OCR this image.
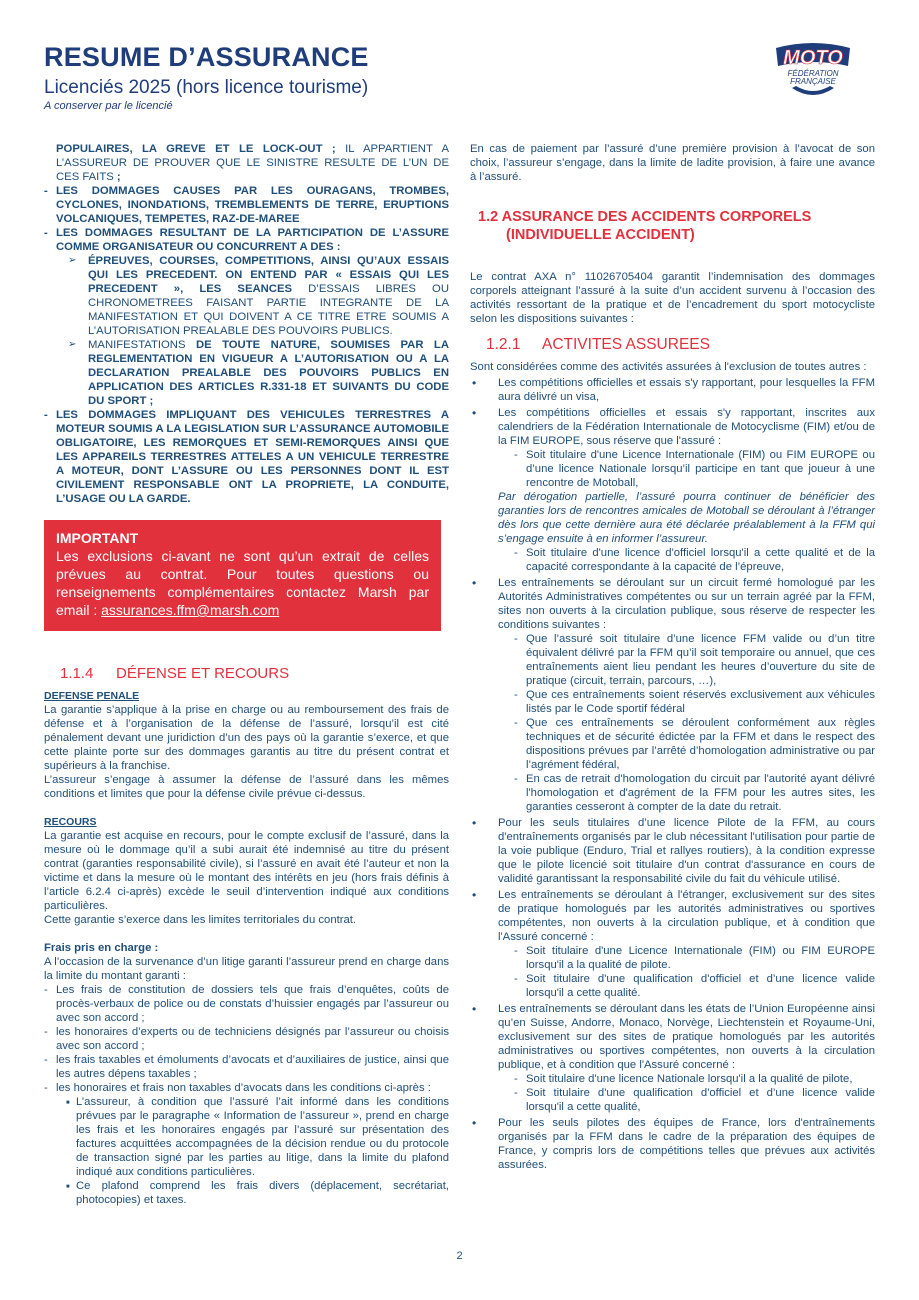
RESUME D’ASSURANCE
Licenciés 2025 (hors licence tourisme)
A conserver par le licencié
MOTO
FÉDÉRATION
FRANÇAISE
POPULAIRES, LA GREVE ET LE LOCK-OUT ; IL APPARTIENT A L’ASSUREUR DE PROUVER QUE LE SINISTRE RESULTE DE L’UN DE CES FAITS ;
- LES DOMMAGES CAUSES PAR LES OURAGANS, TROMBES, CYCLONES, INONDATIONS, TREMBLEMENTS DE TERRE, ERUPTIONS VOLCANIQUES, TEMPETES, RAZ-DE-MAREE
- LES DOMMAGES RESULTANT DE LA PARTICIPATION DE L’ASSURE COMME ORGANISATEUR OU CONCURRENT A DES :
➢ ÉPREUVES, COURSES, COMPETITIONS, AINSI QU’AUX ESSAIS QUI LES PRECEDENT. ON ENTEND PAR « ESSAIS QUI LES PRECEDENT », LES SEANCES D’ESSAIS LIBRES OU CHRONOMETREES FAISANT PARTIE INTEGRANTE DE LA MANIFESTATION ET QUI DOIVENT A CE TITRE ETRE SOUMIS A L’AUTORISATION PREALABLE DES POUVOIRS PUBLICS.
➢ MANIFESTATIONS DE TOUTE NATURE, SOUMISES PAR LA REGLEMENTATION EN VIGUEUR A L’AUTORISATION OU A LA DECLARATION PREALABLE DES POUVOIRS PUBLICS EN APPLICATION DES ARTICLES R.331-18 ET SUIVANTS DU CODE DU SPORT ;
- LES DOMMAGES IMPLIQUANT DES VEHICULES TERRESTRES A MOTEUR SOUMIS A LA LEGISLATION SUR L’ASSURANCE AUTOMOBILE OBLIGATOIRE, LES REMORQUES ET SEMI-REMORQUES AINSI QUE LES APPAREILS TERRESTRES ATTELES A UN VEHICULE TERRESTRE A MOTEUR, DONT L’ASSURE OU LES PERSONNES DONT IL EST CIVILEMENT RESPONSABLE ONT LA PROPRIETE, LA CONDUITE, L’USAGE OU LA GARDE.
IMPORTANT
Les exclusions ci-avant ne sont qu’un extrait de celles prévues au contrat. Pour toutes questions ou renseignements complémentaires contactez Marsh par email : assurances.ffm@marsh.com
1.1.4 DÉFENSE ET RECOURS
DEFENSE PENALE
La garantie s’applique à la prise en charge ou au remboursement des frais de défense et à l’organisation de la défense de l’assuré, lorsqu’il est cité pénalement devant une juridiction d’un des pays où la garantie s’exerce, et que cette plainte porte sur des dommages garantis au titre du présent contrat et supérieurs à la franchise.
L’assureur s’engage à assumer la défense de l’assuré dans les mêmes conditions et limites que pour la défense civile prévue ci-dessus.
RECOURS
La garantie est acquise en recours, pour le compte exclusif de l’assuré, dans la mesure où le dommage qu’il a subi aurait été indemnisé au titre du présent contrat (garanties responsabilité civile), si l’assuré en avait été l’auteur et non la victime et dans la mesure où le montant des intérêts en jeu (hors frais définis à l’article 6.2.4 ci-après) excède le seuil d’intervention indiqué aux conditions particulières.
Cette garantie s’exerce dans les limites territoriales du contrat.
Frais pris en charge :
A l’occasion de la survenance d’un litige garanti l’assureur prend en charge dans la limite du montant garanti :
- Les frais de constitution de dossiers tels que frais d’enquêtes, coûts de procès-verbaux de police ou de constats d’huissier engagés par l’assureur ou avec son accord ;
- les honoraires d’experts ou de techniciens désignés par l’assureur ou choisis avec son accord ;
- les frais taxables et émoluments d’avocats et d’auxiliaires de justice, ainsi que les autres dépens taxables ;
- les honoraires et frais non taxables d’avocats dans les conditions ci-après :
■ L’assureur, à condition que l’assuré l’ait informé dans les conditions prévues par le paragraphe « Information de l’assureur », prend en charge les frais et les honoraires engagés par l’assuré sur présentation des factures acquittées accompagnées de la décision rendue ou du protocole de transaction signé par les parties au litige, dans la limite du plafond indiqué aux conditions particulières.
■ Ce plafond comprend les frais divers (déplacement, secrétariat, photocopies) et taxes.
En cas de paiement par l’assuré d’une première provision à l’avocat de son choix, l’assureur s’engage, dans la limite de ladite provision, à faire une avance à l’assuré.
1.2 ASSURANCE DES ACCIDENTS CORPORELS
(INDIVIDUELLE ACCIDENT)
Le contrat AXA n° 11026705404 garantit l’indemnisation des dommages corporels atteignant l’assuré à la suite d’un accident survenu à l’occasion des activités ressortant de la pratique et de l’encadrement du sport motocycliste selon les dispositions suivantes :
1.2.1 ACTIVITES ASSUREES
Sont considérées comme des activités assurées à l'exclusion de toutes autres :
• Les compétitions officielles et essais s'y rapportant, pour lesquelles la FFM aura délivré un visa,
• Les compétitions officielles et essais s'y rapportant, inscrites aux calendriers de la Fédération Internationale de Motocyclisme (FIM) et/ou de la FIM EUROPE, sous réserve que l'assuré :
- Soit titulaire d'une Licence Internationale (FIM) ou FIM EUROPE ou d’une licence Nationale lorsqu’il participe en tant que joueur à une rencontre de Motoball,
Par dérogation partielle, l’assuré pourra continuer de bénéficier des garanties lors de rencontres amicales de Motoball se déroulant à l’étranger dès lors que cette dernière aura été déclarée préalablement à la FFM qui s’engage ensuite à en informer l’assureur.
- Soit titulaire d'une licence d'officiel lorsqu'il a cette qualité et de la capacité correspondante à la capacité de l’épreuve,
• Les entraînements se déroulant sur un circuit fermé homologué par les Autorités Administratives compétentes ou sur un terrain agréé par la FFM, sites non ouverts à la circulation publique, sous réserve de respecter les conditions suivantes :
- Que l’assuré soit titulaire d’une licence FFM valide ou d’un titre équivalent délivré par la FFM qu’il soit temporaire ou annuel, que ces entraînements aient lieu pendant les heures d’ouverture du site de pratique (circuit, terrain, parcours, …),
- Que ces entraînements soient réservés exclusivement aux véhicules listés par le Code sportif fédéral
- Que ces entraînements se déroulent conformément aux règles techniques et de sécurité édictée par la FFM et dans le respect des dispositions prévues par l’arrêté d’homologation administrative ou par l’agrément fédéral,
- En cas de retrait d'homologation du circuit par l'autorité ayant délivré l'homologation et d'agrément de la FFM pour les autres sites, les garanties cesseront à compter de la date du retrait.
• Pour les seuls titulaires d’une licence Pilote de la FFM, au cours d'entraînements organisés par le club nécessitant l'utilisation pour partie de la voie publique (Enduro, Trial et rallyes routiers), à la condition expresse que le pilote licencié soit titulaire d'un contrat d'assurance en cours de validité garantissant la responsabilité civile du fait du véhicule utilisé.
• Les entraînements se déroulant à l'étranger, exclusivement sur des sites de pratique homologués par les autorités administratives ou sportives compétentes, non ouverts à la circulation publique, et à condition que l'Assuré concerné :
- Soit titulaire d'une Licence Internationale (FIM) ou FIM EUROPE lorsqu'il a la qualité de pilote.
- Soit titulaire d'une qualification d'officiel et d’une licence valide lorsqu'il a cette qualité.
• Les entraînements se déroulant dans les états de l’Union Européenne ainsi qu’en Suisse, Andorre, Monaco, Norvège, Liechtenstein et Royaume-Uni, exclusivement sur des sites de pratique homologués par les autorités administratives ou sportives compétentes, non ouverts à la circulation publique, et à condition que l'Assuré concerné :
- Soit titulaire d'une licence Nationale lorsqu'il a la qualité de pilote,
- Soit titulaire d'une qualification d'officiel et d’une licence valide lorsqu'il a cette qualité,
• Pour les seuls pilotes des équipes de France, lors d'entraînements organisés par la FFM dans le cadre de la préparation des équipes de France, y compris lors de compétitions telles que prévues aux activités assurées.
2
